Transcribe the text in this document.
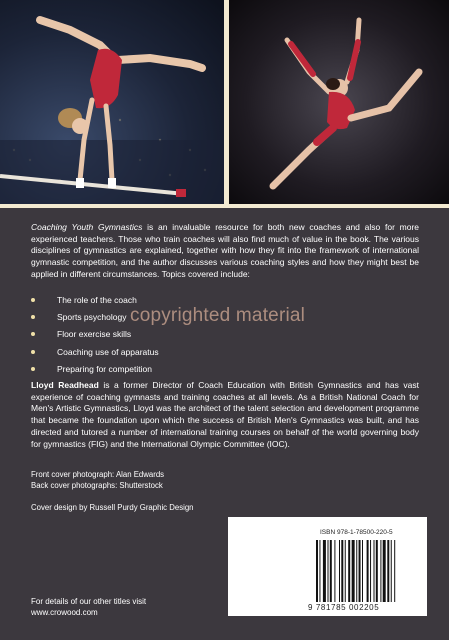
Coaching Youth Gymnastics is an invaluable resource for both new coaches and also for more experienced teachers. Those who train coaches will also find much of value in the book. The various disciplines of gymnastics are explained, together with how they fit into the framework of international gymnastic competition, and the author discusses various coaching styles and how they might best be applied in different circumstances. Topics covered include:
The role of the coach
Sports psychology
Floor exercise skills
Coaching use of apparatus
Preparing for competition
copyrighted material
Lloyd Readhead is a former Director of Coach Education with British Gymnastics and has vast experience of coaching gymnasts and training coaches at all levels. As a British National Coach for Men's Artistic Gymnastics, Lloyd was the architect of the talent selection and development programme that became the foundation upon which the success of British Men's Gymnastics was built, and has directed and tutored a number of international training courses on behalf of the world governing body for gymnastics (FIG) and the International Olympic Committee (IOC).
Front cover photograph: Alan Edwards
Back cover photographs: Shutterstock
Cover design by Russell Purdy Graphic Design
ISBN 978-1-78500-220-5
9 781785 002205
For details of our other titles visit
www.crowood.com
